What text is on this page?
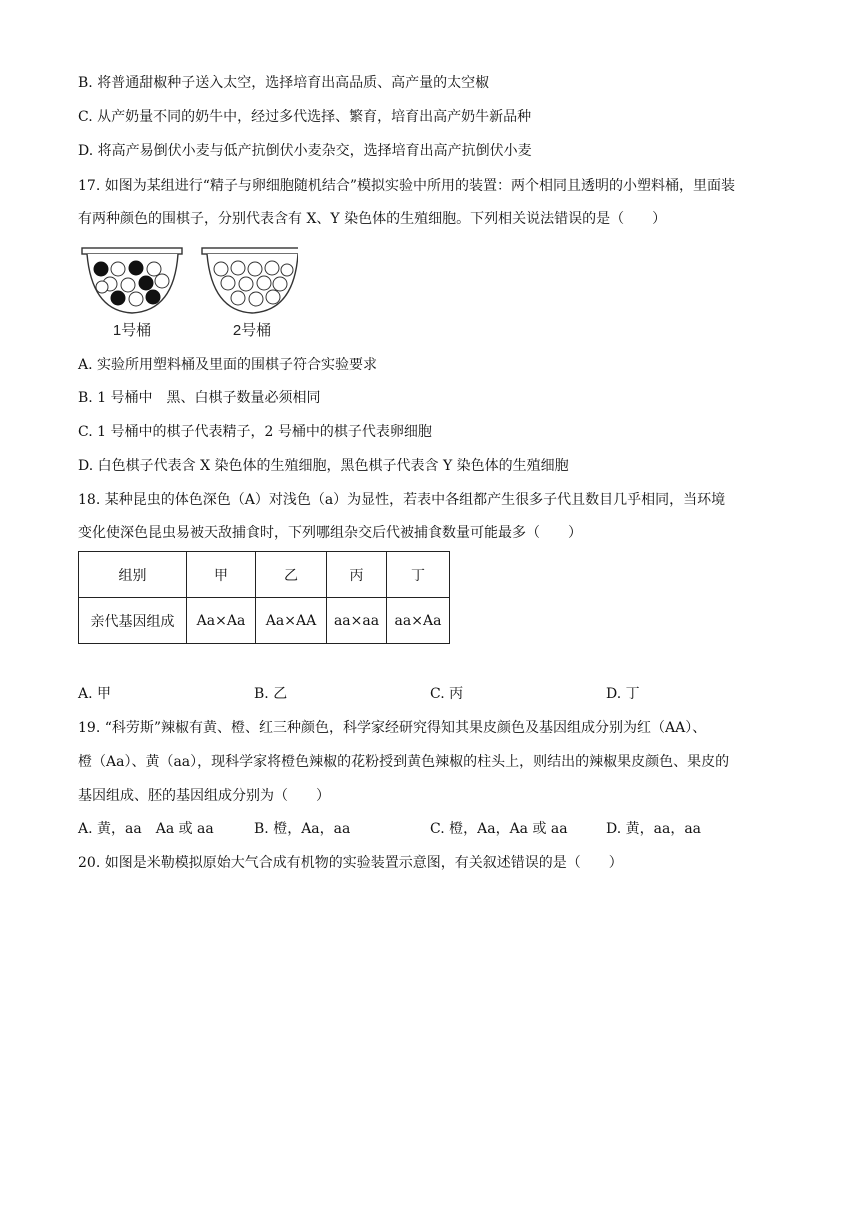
B. 将普通甜椒种子送入太空，选择培育出高品质、高产量的太空椒
C. 从产奶量不同的奶牛中，经过多代选择、繁育，培育出高产奶牛新品种
D. 将高产易倒伏小麦与低产抗倒伏小麦杂交，选择培育出高产抗倒伏小麦
17. 如图为某组进行“精子与卵细胞随机结合”模拟实验中所用的装置：两个相同且透明的小塑料桶，里面装
有两种颜色的围棋子，分别代表含有 X、Y 染色体的生殖细胞。下列相关说法错误的是（　　）
1号桶	2号桶
A. 实验所用塑料桶及里面的围棋子符合实验要求
B. 1 号桶中　黑、白棋子数量必须相同
C. 1 号桶中的棋子代表精子，2 号桶中的棋子代表卵细胞
D. 白色棋子代表含 X 染色体的生殖细胞，黑色棋子代表含 Y 染色体的生殖细胞
18. 某种昆虫的体色深色（A）对浅色（a）为显性，若表中各组都产生很多子代且数目几乎相同，当环境
变化使深色昆虫易被天敌捕食时，下列哪组杂交后代被捕食数量可能最多（　　）
组别	甲	乙	丙	丁
亲代基因组成	Aa×Aa	Aa×AA	aa×aa	aa×Aa
A. 甲	B. 乙	C. 丙	D. 丁
19. “科劳斯”辣椒有黄、橙、红三种颜色，科学家经研究得知其果皮颜色及基因组成分别为红（AA）、
橙（Aa）、黄（aa），现科学家将橙色辣椒的花粉授到黄色辣椒的柱头上，则结出的辣椒果皮颜色、果皮的
基因组成、胚的基因组成分别为（　　）
A. 黄，aa　Aa 或 aa	B. 橙，Aa，aa	C. 橙，Aa，Aa 或 aa	D. 黄，aa，aa
20. 如图是米勒模拟原始大气合成有机物的实验装置示意图，有关叙述错误的是（　　）
